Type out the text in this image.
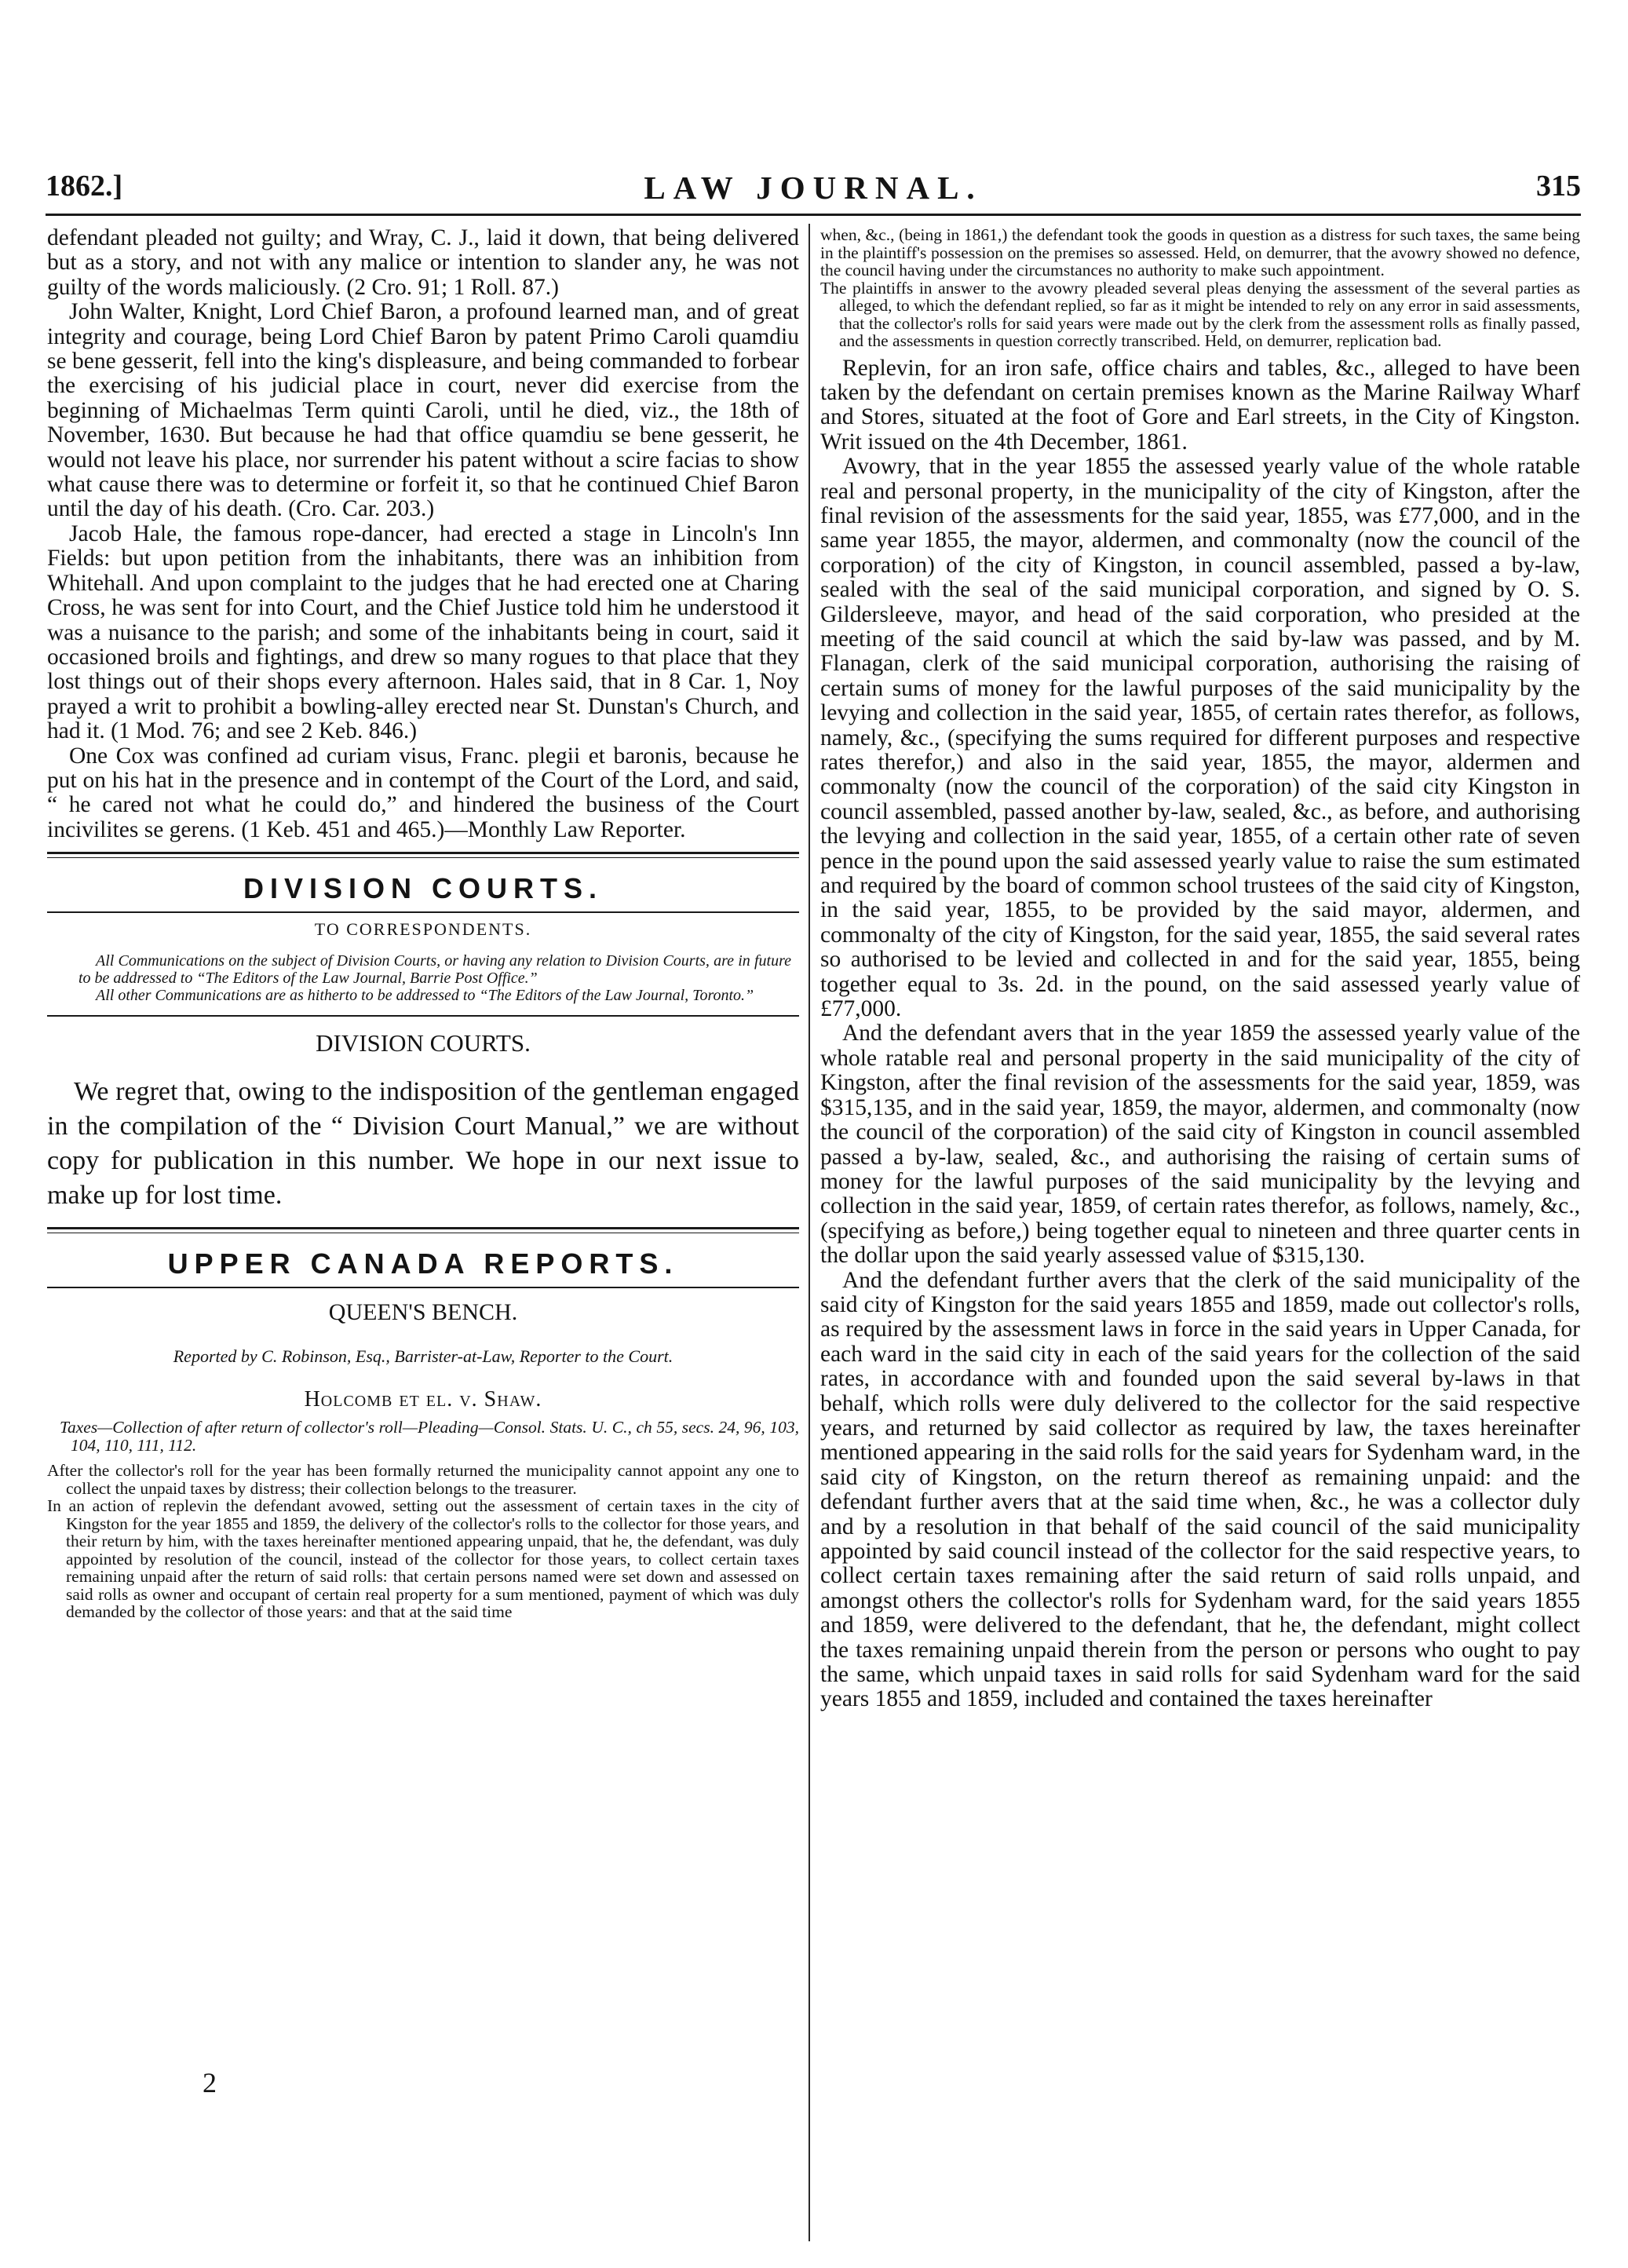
1862.]	LAW JOURNAL.	315

defendant pleaded not guilty; and Wray, C. J., laid it down, that being delivered but as a story, and not with any malice or intention to slander any, he was not guilty of the words maliciously. (2 Cro. 91; 1 Roll. 87.)

John Walter, Knight, Lord Chief Baron, a profound learned man, and of great integrity and courage, being Lord Chief Baron by patent Primo Caroli quamdiu se bene gesserit, fell into the king's displeasure, and being commanded to forbear the exercising of his judicial place in court, never did exercise from the beginning of Michaelmas Term quinti Caroli, until he died, viz., the 18th of November, 1630. But because he had that office quamdiu se bene gesserit, he would not leave his place, nor surrender his patent without a scire facias to show what cause there was to determine or forfeit it, so that he continued Chief Baron until the day of his death. (Cro. Car. 203.)

Jacob Hale, the famous rope-dancer, had erected a stage in Lincoln's Inn Fields: but upon petition from the inhabitants, there was an inhibition from Whitehall. And upon complaint to the judges that he had erected one at Charing Cross, he was sent for into Court, and the Chief Justice told him he understood it was a nuisance to the parish; and some of the inhabitants being in court, said it occasioned broils and fightings, and drew so many rogues to that place that they lost things out of their shops every afternoon. Hales said, that in 8 Car. 1, Noy prayed a writ to prohibit a bowling-alley erected near St. Dunstan's Church, and had it. (1 Mod. 76; and see 2 Keb. 846.)

One Cox was confined ad curiam visus, Franc. plegii et baronis, because he put on his hat in the presence and in contempt of the Court of the Lord, and said, “ he cared not what he could do,” and hindered the business of the Court incivilites se gerens. (1 Keb. 451 and 465.)—Monthly Law Reporter.

DIVISION COURTS.
TO CORRESPONDENTS.

All Communications on the subject of Division Courts, or having any relation to Division Courts, are in future to be addressed to “The Editors of the Law Journal, Barrie Post Office.”

All other Communications are as hitherto to be addressed to “The Editors of the Law Journal, Toronto.”

DIVISION COURTS.

We regret that, owing to the indisposition of the gentleman engaged in the compilation of the “ Division Court Manual,” we are without copy for publication in this number. We hope in our next issue to make up for lost time.

UPPER CANADA REPORTS.
QUEEN'S BENCH.
Reported by C. Robinson, Esq., Barrister-at-Law, Reporter to the Court.
Holcomb et el. v. Shaw.

Taxes—Collection of after return of collector's roll—Pleading—Consol. Stats. U. C., ch 55, secs. 24, 96, 103, 104, 110, 111, 112.

After the collector's roll for the year has been formally returned the municipality cannot appoint any one to collect the unpaid taxes by distress; their collection belongs to the treasurer.

In an action of replevin the defendant avowed, setting out the assessment of certain taxes in the city of Kingston for the year 1855 and 1859, the delivery of the collector's rolls to the collector for those years, and their return by him, with the taxes hereinafter mentioned appearing unpaid, that he, the defendant, was duly appointed by resolution of the council, instead of the collector for those years, to collect certain taxes remaining unpaid after the return of said rolls: that certain persons named were set down and assessed on said rolls as owner and occupant of certain real property for a sum mentioned, payment of which was duly demanded by the collector of those years: and that at the said time

2

when, &c., (being in 1861,) the defendant took the goods in question as a distress for such taxes, the same being in the plaintiff's possession on the premises so assessed. Held, on demurrer, that the avowry showed no defence, the council having under the circumstances no authority to make such appointment.

The plaintiffs in answer to the avowry pleaded several pleas denying the assessment of the several parties as alleged, to which the defendant replied, so far as it might be intended to rely on any error in said assessments, that the collector's rolls for said years were made out by the clerk from the assessment rolls as finally passed, and the assessments in question correctly transcribed. Held, on demurrer, replication bad.

Replevin, for an iron safe, office chairs and tables, &c., alleged to have been taken by the defendant on certain premises known as the Marine Railway Wharf and Stores, situated at the foot of Gore and Earl streets, in the City of Kingston. Writ issued on the 4th December, 1861.

Avowry, that in the year 1855 the assessed yearly value of the whole ratable real and personal property, in the municipality of the city of Kingston, after the final revision of the assessments for the said year, 1855, was £77,000, and in the same year 1855, the mayor, aldermen, and commonalty (now the council of the corporation) of the city of Kingston, in council assembled, passed a by-law, sealed with the seal of the said municipal corporation, and signed by O. S. Gildersleeve, mayor, and head of the said corporation, who presided at the meeting of the said council at which the said by-law was passed, and by M. Flanagan, clerk of the said municipal corporation, authorising the raising of certain sums of money for the lawful purposes of the said municipality by the levying and collection in the said year, 1855, of certain rates therefor, as follows, namely, &c., (specifying the sums required for different purposes and respective rates therefor,) and also in the said year, 1855, the mayor, aldermen and commonalty (now the council of the corporation) of the said city Kingston in council assembled, passed another by-law, sealed, &c., as before, and authorising the levying and collection in the said year, 1855, of a certain other rate of seven pence in the pound upon the said assessed yearly value to raise the sum estimated and required by the board of common school trustees of the said city of Kingston, in the said year, 1855, to be provided by the said mayor, aldermen, and commonalty of the city of Kingston, for the said year, 1855, the said several rates so authorised to be levied and collected in and for the said year, 1855, being together equal to 3s. 2d. in the pound, on the said assessed yearly value of £77,000.

And the defendant avers that in the year 1859 the assessed yearly value of the whole ratable real and personal property in the said municipality of the city of Kingston, after the final revision of the assessments for the said year, 1859, was $315,135, and in the said year, 1859, the mayor, aldermen, and commonalty (now the council of the corporation) of the said city of Kingston in council assembled passed a by-law, sealed, &c., and authorising the raising of certain sums of money for the lawful purposes of the said municipality by the levying and collection in the said year, 1859, of certain rates therefor, as follows, namely, &c., (specifying as before,) being together equal to nineteen and three quarter cents in the dollar upon the said yearly assessed value of $315,130.

And the defendant further avers that the clerk of the said municipality of the said city of Kingston for the said years 1855 and 1859, made out collector's rolls, as required by the assessment laws in force in the said years in Upper Canada, for each ward in the said city in each of the said years for the collection of the said rates, in accordance with and founded upon the said several by-laws in that behalf, which rolls were duly delivered to the collector for the said respective years, and returned by said collector as required by law, the taxes hereinafter mentioned appearing in the said rolls for the said years for Sydenham ward, in the said city of Kingston, on the return thereof as remaining unpaid: and the defendant further avers that at the said time when, &c., he was a collector duly and by a resolution in that behalf of the said council of the said municipality appointed by said council instead of the collector for the said respective years, to collect certain taxes remaining after the said return of said rolls unpaid, and amongst others the collector's rolls for Sydenham ward, for the said years 1855 and 1859, were delivered to the defendant, that he, the defendant, might collect the taxes remaining unpaid therein from the person or persons who ought to pay the same, which unpaid taxes in said rolls for said Sydenham ward for the said years 1855 and 1859, included and contained the taxes hereinafter
